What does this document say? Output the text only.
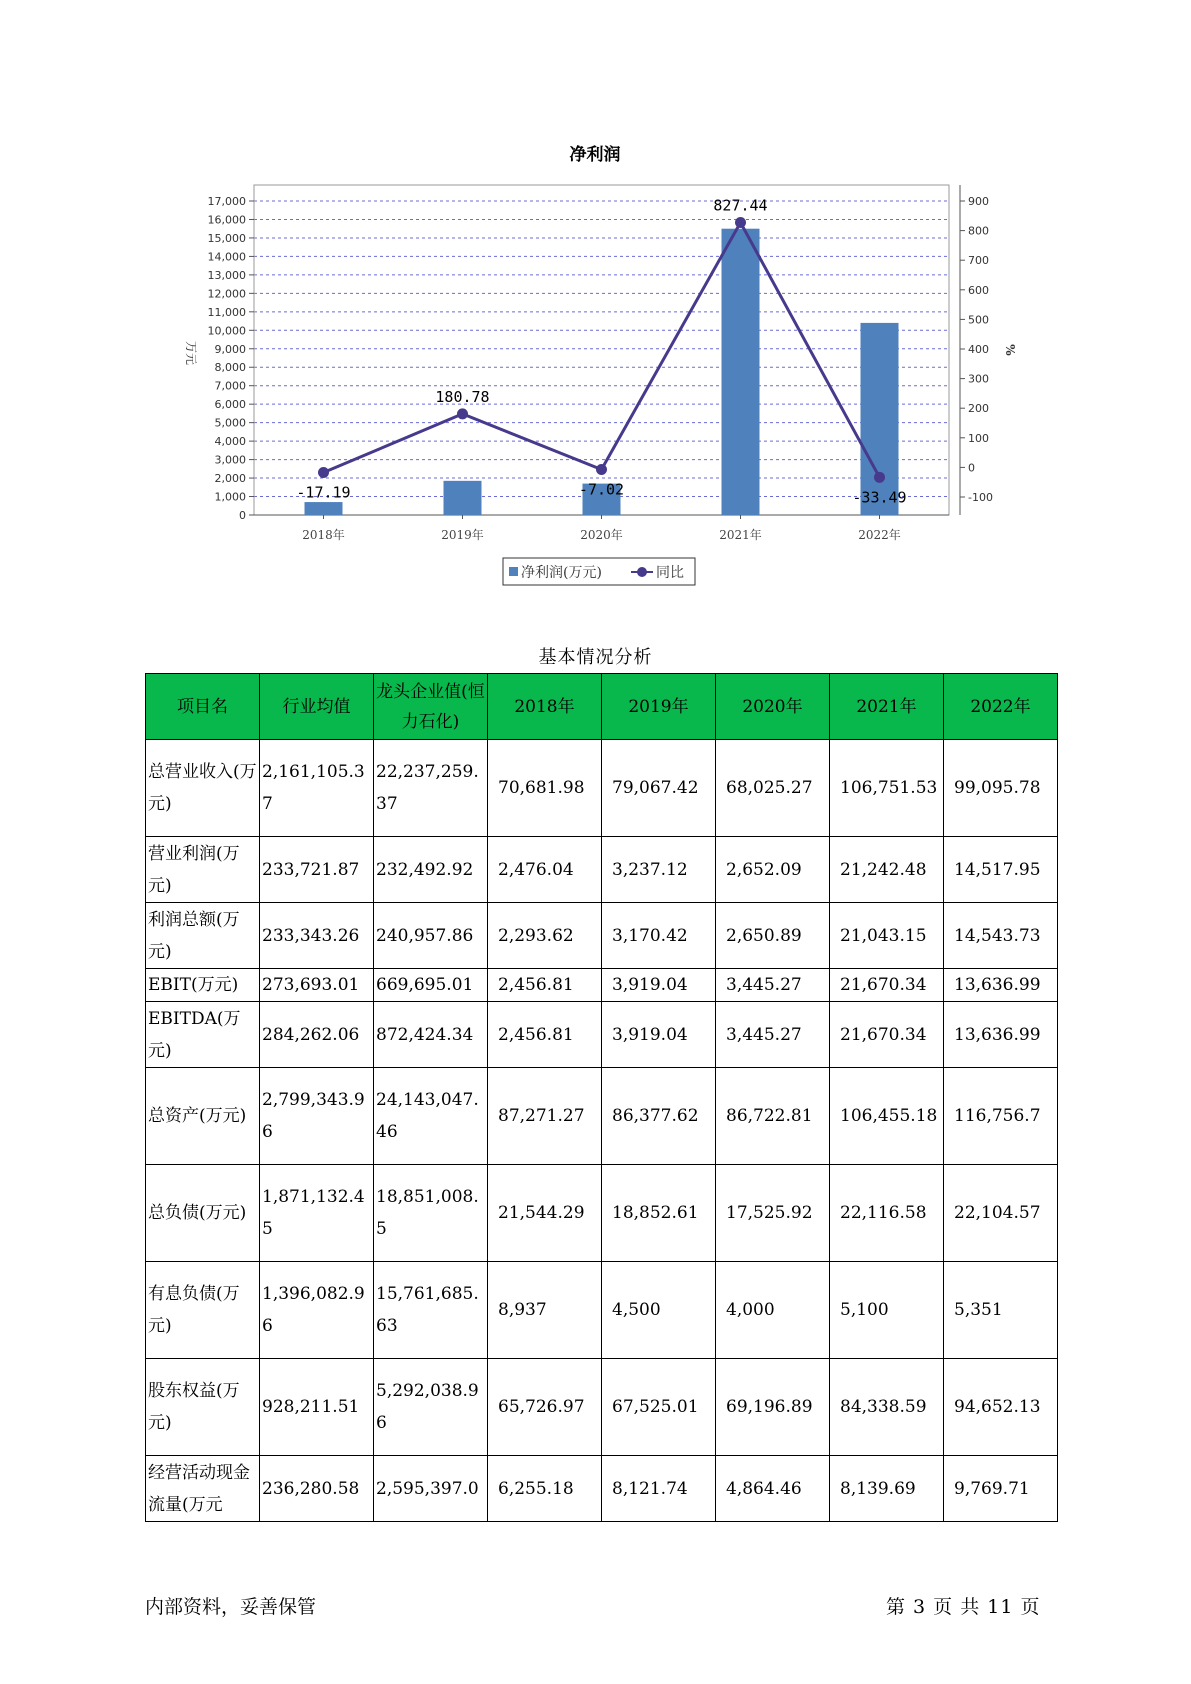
净利润
0
1,000
2,000
3,000
4,000
5,000
6,000
7,000
8,000
9,000
10,000
11,000
12,000
13,000
14,000
15,000
16,000
17,000
-100
0
100
200
300
400
500
600
700
800
900
2018年	2019年	2020年	2021年	2022年
-17.19
180.78
-7.02
827.44
-33.49
万元	%
净利润(万元)	同比
基本情况分析
项目名	行业均值	龙头企业值(恒力石化)	2018年	2019年	2020年	2021年	2022年
总营业收入(万元)	2,161,105.37	22,237,259.37	70,681.98	79,067.42	68,025.27	106,751.53	99,095.78
营业利润(万元)	233,721.87	232,492.92	2,476.04	3,237.12	2,652.09	21,242.48	14,517.95
利润总额(万元)	233,343.26	240,957.86	2,293.62	3,170.42	2,650.89	21,043.15	14,543.73
EBIT(万元)	273,693.01	669,695.01	2,456.81	3,919.04	3,445.27	21,670.34	13,636.99
EBITDA(万元)	284,262.06	872,424.34	2,456.81	3,919.04	3,445.27	21,670.34	13,636.99
总资产(万元)	2,799,343.96	24,143,047.46	87,271.27	86,377.62	86,722.81	106,455.18	116,756.7
总负债(万元)	1,871,132.45	18,851,008.5	21,544.29	18,852.61	17,525.92	22,116.58	22,104.57
有息负债(万元)	1,396,082.96	15,761,685.63	8,937	4,500	4,000	5,100	5,351
股东权益(万元)	928,211.51	5,292,038.96	65,726.97	67,525.01	69,196.89	84,338.59	94,652.13
经营活动现金流量(万元	236,280.58	2,595,397.0	6,255.18	8,121.74	4,864.46	8,139.69	9,769.71
内部资料，妥善保管	第 3 页 共 11 页
